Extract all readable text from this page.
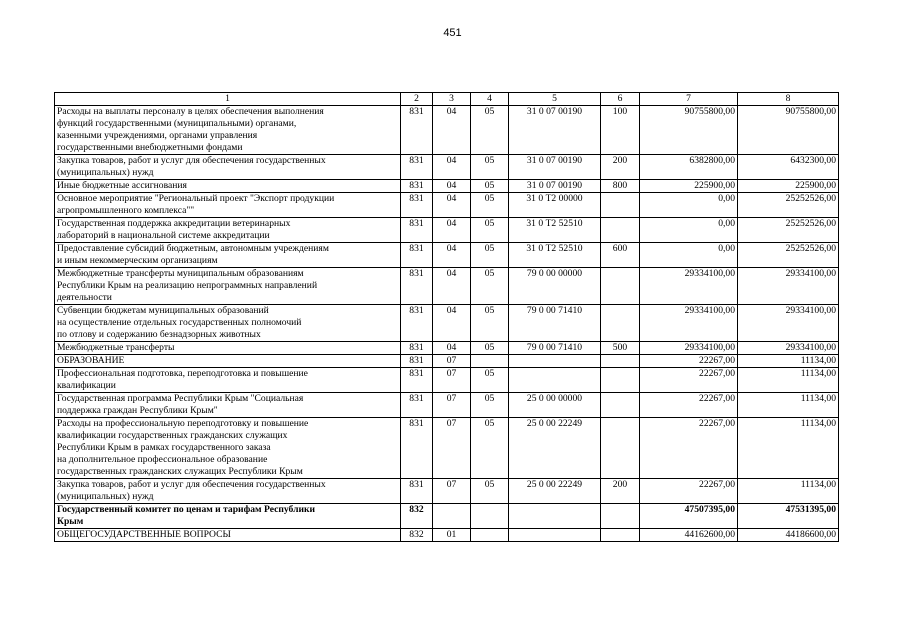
451
1	2	3	4	5	6	7	8

Расходы на выплаты персоналу в целях обеспечения выполнения
функций государственными (муниципальными) органами,
казенными учреждениями, органами управления
государственными внебюджетными фондами	831	04	05	31 0 07 00190	100	90755800,00	90755800,00

Закупка товаров, работ и услуг для обеспечения государственных
(муниципальных) нужд	831	04	05	31 0 07 00190	200	6382800,00	6432300,00

Иные бюджетные ассигнования	831	04	05	31 0 07 00190	800	225900,00	225900,00

Основное мероприятие "Региональный проект "Экспорт продукции
агропромышленного комплекса""	831	04	05	31 0 Т2 00000		0,00	25252526,00

Государственная поддержка аккредитации ветеринарных
лабораторий в национальной системе аккредитации	831	04	05	31 0 Т2 52510		0,00	25252526,00

Предоставление субсидий бюджетным, автономным учреждениям
и иным некоммерческим организациям	831	04	05	31 0 Т2 52510	600	0,00	25252526,00

Межбюджетные трансферты муниципальным образованиям
Республики Крым на реализацию непрограммных направлений
деятельности	831	04	05	79 0 00 00000		29334100,00	29334100,00

Субвенции бюджетам муниципальных образований
на осуществление отдельных государственных полномочий
по отлову и содержанию безнадзорных животных	831	04	05	79 0 00 71410		29334100,00	29334100,00

Межбюджетные трансферты	831	04	05	79 0 00 71410	500	29334100,00	29334100,00

ОБРАЗОВАНИЕ	831	07				22267,00	11134,00

Профессиональная подготовка, переподготовка и повышение
квалификации	831	07	05			22267,00	11134,00

Государственная программа Республики Крым "Социальная
поддержка граждан Республики Крым"	831	07	05	25 0 00 00000		22267,00	11134,00

Расходы на профессиональную переподготовку и повышение
квалификации государственных гражданских служащих
Республики Крым в рамках государственного заказа
на дополнительное профессиональное образование
государственных гражданских служащих Республики Крым	831	07	05	25 0 00 22249		22267,00	11134,00

Закупка товаров, работ и услуг для обеспечения государственных
(муниципальных) нужд	831	07	05	25 0 00 22249	200	22267,00	11134,00

Государственный комитет по ценам и тарифам Республики
Крым	832					47507395,00	47531395,00

ОБЩЕГОСУДАРСТВЕННЫЕ ВОПРОСЫ	832	01				44162600,00	44186600,00
